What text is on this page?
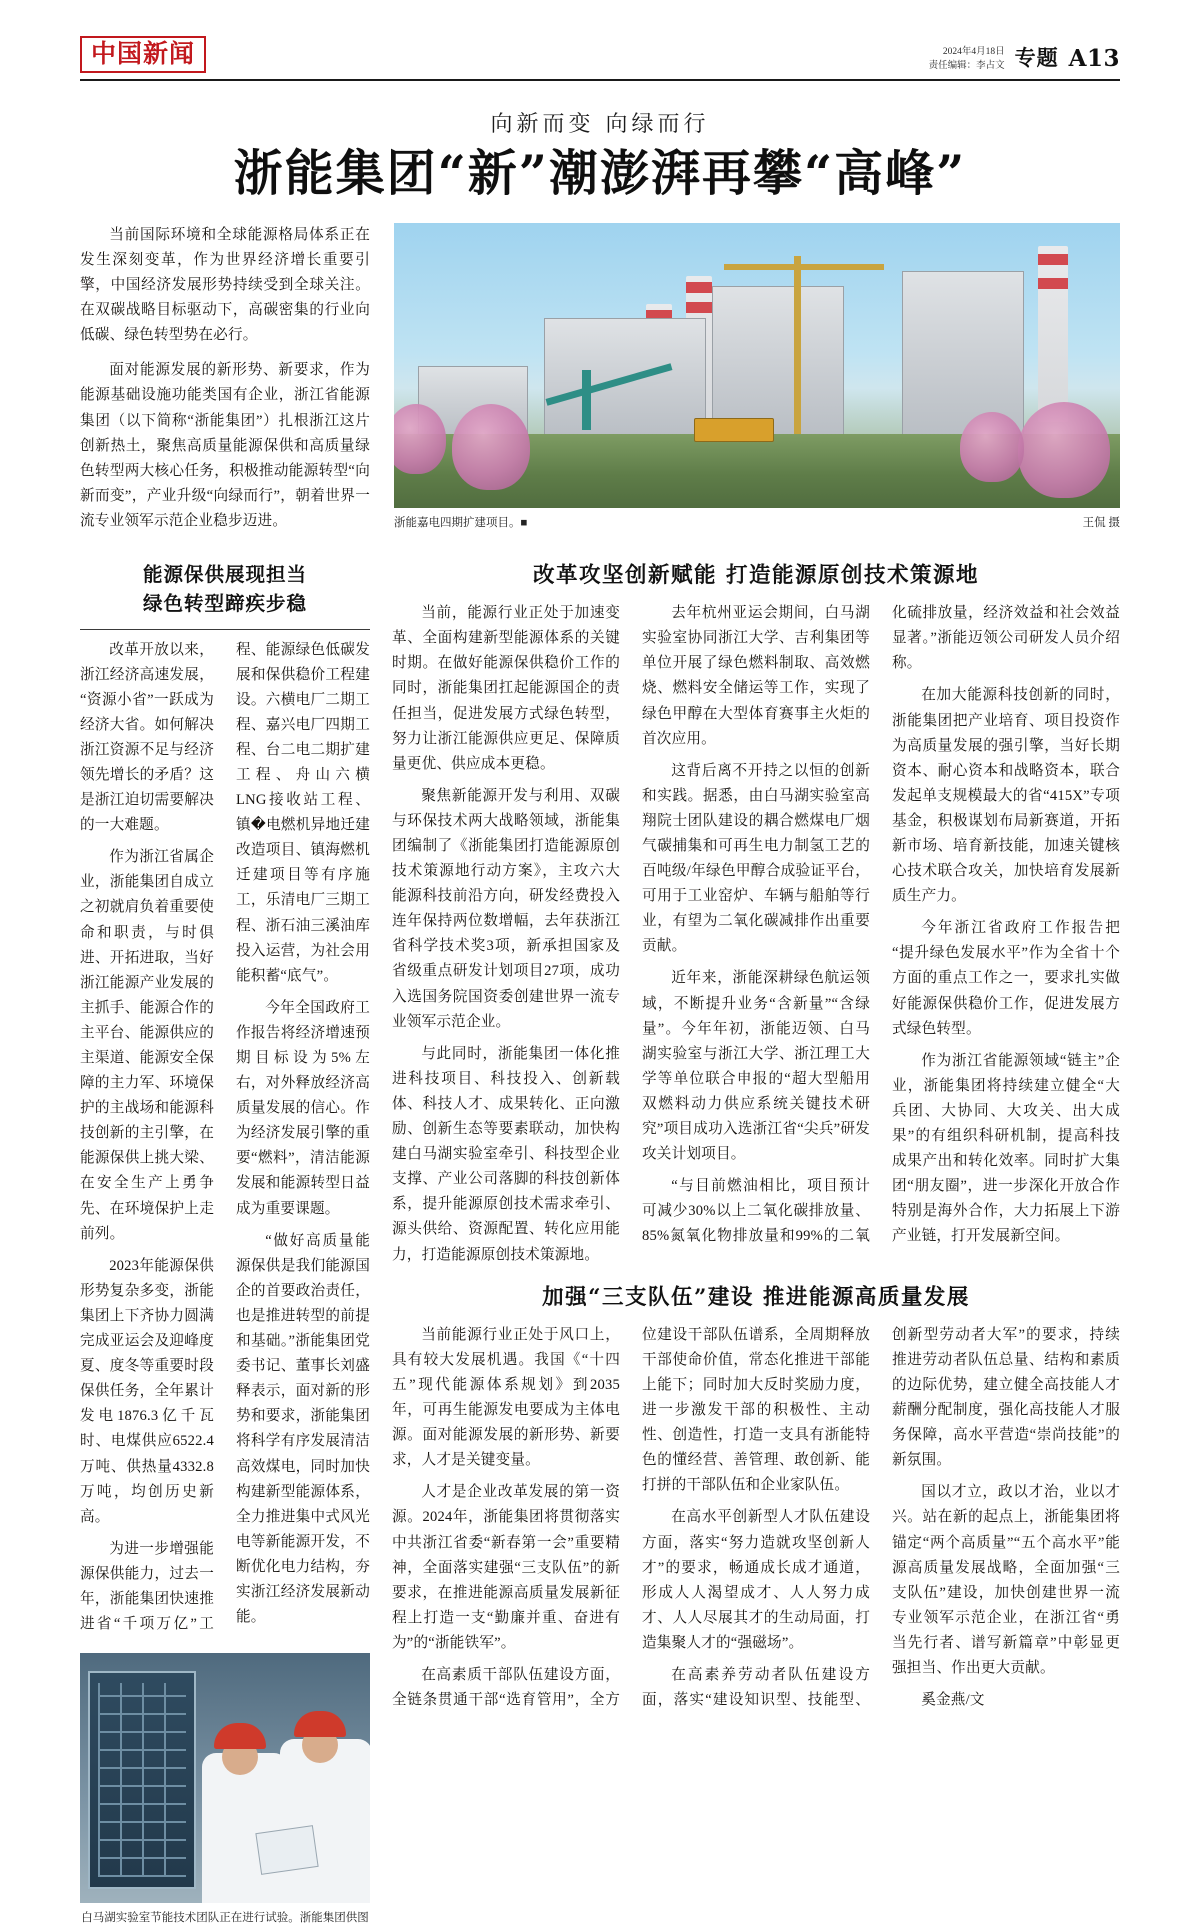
中国新闻	2024年4月18日
责任编辑：李占文 专题 A13
向新而变 向绿而行
浙能集团“新”潮澎湃再攀“高峰”

当前国际环境和全球能源格局体系正在发生深刻变革，作为世界经济增长重要引擎，中国经济发展形势持续受到全球关注。在双碳战略目标驱动下，高碳密集的行业向低碳、绿色转型势在必行。

面对能源发展的新形势、新要求，作为能源基础设施功能类国有企业，浙江省能源集团（以下简称“浙能集团”）扎根浙江这片创新热土，聚焦高质量能源保供和高质量绿色转型两大核心任务，积极推动能源转型“向新而变”，产业升级“向绿而行”，朝着世界一流专业领军示范企业稳步迈进。	浙能嘉电四期扩建项目。■	王侃 摄
能源保供展现担当
绿色转型蹄疾步稳

改革开放以来，浙江经济高速发展，“资源小省”一跃成为经济大省。如何解决浙江资源不足与经济领先增长的矛盾？这是浙江迫切需要解决的一大难题。

作为浙江省属企业，浙能集团自成立之初就肩负着重要使命和职责，与时俱进、开拓进取，当好浙江能源产业发展的主抓手、能源合作的主平台、能源供应的主渠道、能源安全保障的主力军、环境保护的主战场和能源科技创新的主引擎，在能源保供上挑大梁、在安全生产上勇争先、在环境保护上走前列。

2023年能源保供形势复杂多变，浙能集团上下齐协力圆满完成亚运会及迎峰度夏、度冬等重要时段保供任务，全年累计发电1876.3亿千瓦时、电煤供应6522.4万吨、供热量4332.8万吨，均创历史新高。

为进一步增强能源保供能力，过去一年，浙能集团快速推进省“千项万亿”工程、能源绿色低碳发展和保供稳价工程建设。六横电厂二期工程、嘉兴电厂四期工程、台二电二期扩建工程、舟山六横LNG接收站工程、镇�电燃机异地迁建改造项目、镇海燃机迁建项目等有序施工，乐清电厂三期工程、浙石油三溪油库投入运营，为社会用能积蓄“底气”。

今年全国政府工作报告将经济增速预期目标设为5%左右，对外释放经济高质量发展的信心。作为经济发展引擎的重要“燃料”，清洁能源发展和能源转型日益成为重要课题。

“做好高质量能源保供是我们能源国企的首要政治责任，也是推进转型的前提和基础。”浙能集团党委书记、董事长刘盛释表示，面对新的形势和要求，浙能集团将科学有序发展清洁高效煤电，同时加快构建新型能源体系，全力推进集中式风光电等新能源开发，不断优化电力结构，夯实浙江经济发展新动能。

白马湖实验室节能技术团队正在进行试验。浙能集团供图
改革攻坚创新赋能 打造能源原创技术策源地

当前，能源行业正处于加速变革、全面构建新型能源体系的关键时期。在做好能源保供稳价工作的同时，浙能集团扛起能源国企的责任担当，促进发展方式绿色转型，努力让浙江能源供应更足、保障质量更优、供应成本更稳。

聚焦新能源开发与利用、双碳与环保技术两大战略领域，浙能集团编制了《浙能集团打造能源原创技术策源地行动方案》，主攻六大能源科技前沿方向，研发经费投入连年保持两位数增幅，去年获浙江省科学技术奖3项，新承担国家及省级重点研发计划项目27项，成功入选国务院国资委创建世界一流专业领军示范企业。

与此同时，浙能集团一体化推进科技项目、科技投入、创新载体、科技人才、成果转化、正向激励、创新生态等要素联动，加快构建白马湖实验室牵引、科技型企业支撑、产业公司落脚的科技创新体系，提升能源原创技术需求牵引、源头供给、资源配置、转化应用能力，打造能源原创技术策源地。

去年杭州亚运会期间，白马湖实验室协同浙江大学、吉利集团等单位开展了绿色燃料制取、高效燃烧、燃料安全储运等工作，实现了绿色甲醇在大型体育赛事主火炬的首次应用。

这背后离不开持之以恒的创新和实践。据悉，由白马湖实验室高翔院士团队建设的耦合燃煤电厂烟气碳捕集和可再生电力制氢工艺的百吨级/年绿色甲醇合成验证平台，可用于工业窑炉、车辆与船舶等行业，有望为二氧化碳减排作出重要贡献。

近年来，浙能深耕绿色航运领域，不断提升业务“含新量”“含绿量”。今年年初，浙能迈领、白马湖实验室与浙江大学、浙江理工大学等单位联合申报的“超大型船用双燃料动力供应系统关键技术研究”项目成功入选浙江省“尖兵”研发攻关计划项目。

“与目前燃油相比，项目预计可减少30%以上二氧化碳排放量、85%氮氧化物排放量和99%的二氧化硫排放量，经济效益和社会效益显著。”浙能迈领公司研发人员介绍称。

在加大能源科技创新的同时，浙能集团把产业培育、项目投资作为高质量发展的强引擎，当好长期资本、耐心资本和战略资本，联合发起单支规模最大的省“415X”专项基金，积极谋划布局新赛道，开拓新市场、培育新技能，加速关键核心技术联合攻关，加快培育发展新质生产力。

今年浙江省政府工作报告把“提升绿色发展水平”作为全省十个方面的重点工作之一，要求扎实做好能源保供稳价工作，促进发展方式绿色转型。

作为浙江省能源领域“链主”企业，浙能集团将持续建立健全“大兵团、大协同、大攻关、出大成果”的有组织科研机制，提高科技成果产出和转化效率。同时扩大集团“朋友圈”，进一步深化开放合作特别是海外合作，大力拓展上下游产业链，打开发展新空间。

加强“三支队伍”建设 推进能源高质量发展

当前能源行业正处于风口上，具有较大发展机遇。我国《“十四五”现代能源体系规划》到2035年，可再生能源发电要成为主体电源。面对能源发展的新形势、新要求，人才是关键变量。

人才是企业改革发展的第一资源。2024年，浙能集团将贯彻落实中共浙江省委“新春第一会”重要精神，全面落实建强“三支队伍”的新要求，在推进能源高质量发展新征程上打造一支“勤廉并重、奋进有为”的“浙能铁军”。

在高素质干部队伍建设方面，全链条贯通干部“选育管用”，全方位建设干部队伍谱系，全周期释放干部使命价值，常态化推进干部能上能下；同时加大反时奖励力度，进一步激发干部的积极性、主动性、创造性，打造一支具有浙能特色的懂经营、善管理、敢创新、能打拼的干部队伍和企业家队伍。

在高水平创新型人才队伍建设方面，落实“努力造就攻坚创新人才”的要求，畅通成长成才通道，形成人人渴望成才、人人努力成才、人人尽展其才的生动局面，打造集聚人才的“强磁场”。

在高素养劳动者队伍建设方面，落实“建设知识型、技能型、创新型劳动者大军”的要求，持续推进劳动者队伍总量、结构和素质的边际优势，建立健全高技能人才薪酬分配制度，强化高技能人才服务保障，高水平营造“崇尚技能”的新氛围。

国以才立，政以才治，业以才兴。站在新的起点上，浙能集团将锚定“两个高质量”“五个高水平”能源高质量发展战略，全面加强“三支队伍”建设，加快创建世界一流专业领军示范企业，在浙江省“勇当先行者、谱写新篇章”中彰显更强担当、作出更大贡献。

奚金燕/文
